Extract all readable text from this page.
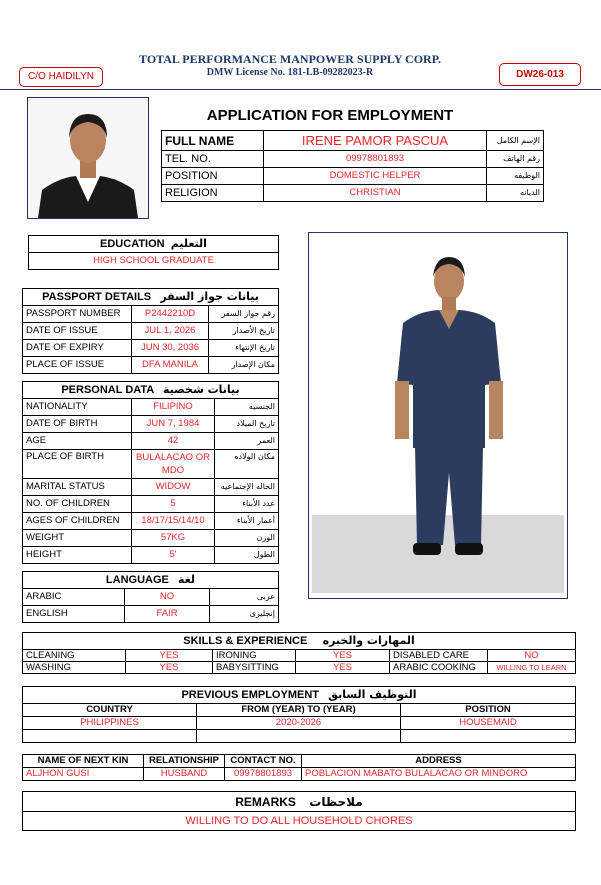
TOTAL PERFORMANCE MANPOWER SUPPLY CORP.
DMW License No. 181-LB-09282023-R
C/O HAIDILYN	DW26-013
APPLICATION FOR EMPLOYMENT
FULL NAME	IRENE PAMOR PASCUA	الإسم الكامل
TEL. NO.	09978801893	رقم الهاتف
POSITION	DOMESTIC HELPER	الوظيفه
RELIGION	CHRISTIAN	الديانه
EDUCATION التعليم
HIGH SCHOOL GRADUATE
PASSPORT DETAILS بيانات جواز السفر		
PASSPORT NUMBER	P2442210D	رقم جواز السفر
DATE OF ISSUE	JUL 1, 2026	تاريخ الأصدار
DATE OF EXPIRY	JUN 30, 2036	تاريخ الإنتهاء
PLACE OF ISSUE	DFA MANILA	مكان الإصدار
PERSONAL DATA بيانات شخصية		
NATIONALITY	FILIPINO	الجنسيه
DATE OF BIRTH	JUN 7, 1984	تاريخ الميلاد
AGE	42	العمر
PLACE OF BIRTH	BULALACAO OR MDO	مكان الولاده
MARITAL STATUS	WIDOW	الحاله الإجتماعيه
NO. OF CHILDREN	5	عدد الأبناء
AGES OF CHILDREN	18/17/15/14/10	أعمار الأبناء
WEIGHT	57KG	الوزن
HEIGHT	5'	الطول
LANGUAGE لغة		
ARABIC	NO	عربى
ENGLISH	FAIR	إنجليزى
SKILLS & EXPERIENCE المهارات والخبره					
CLEANING	YES	IRONING	YES	DISABLED CARE	NO
WASHING	YES	BABYSITTING	YES	ARABIC COOKING	WILLING TO LEARN
PREVIOUS EMPLOYMENT التوظيف السابق		
COUNTRY	FROM (YEAR) TO (YEAR)	POSITION
PHILIPPINES	2020-2026	HOUSEMAID

NAME OF NEXT KIN	RELATIONSHIP	CONTACT NO.	ADDRESS
ALJHON GUSI	HUSBAND	09978801893	POBLACION MABATO BULALACAO OR MINDORO
REMARKS ملاحظات
WILLING TO DO ALL HOUSEHOLD CHORES
